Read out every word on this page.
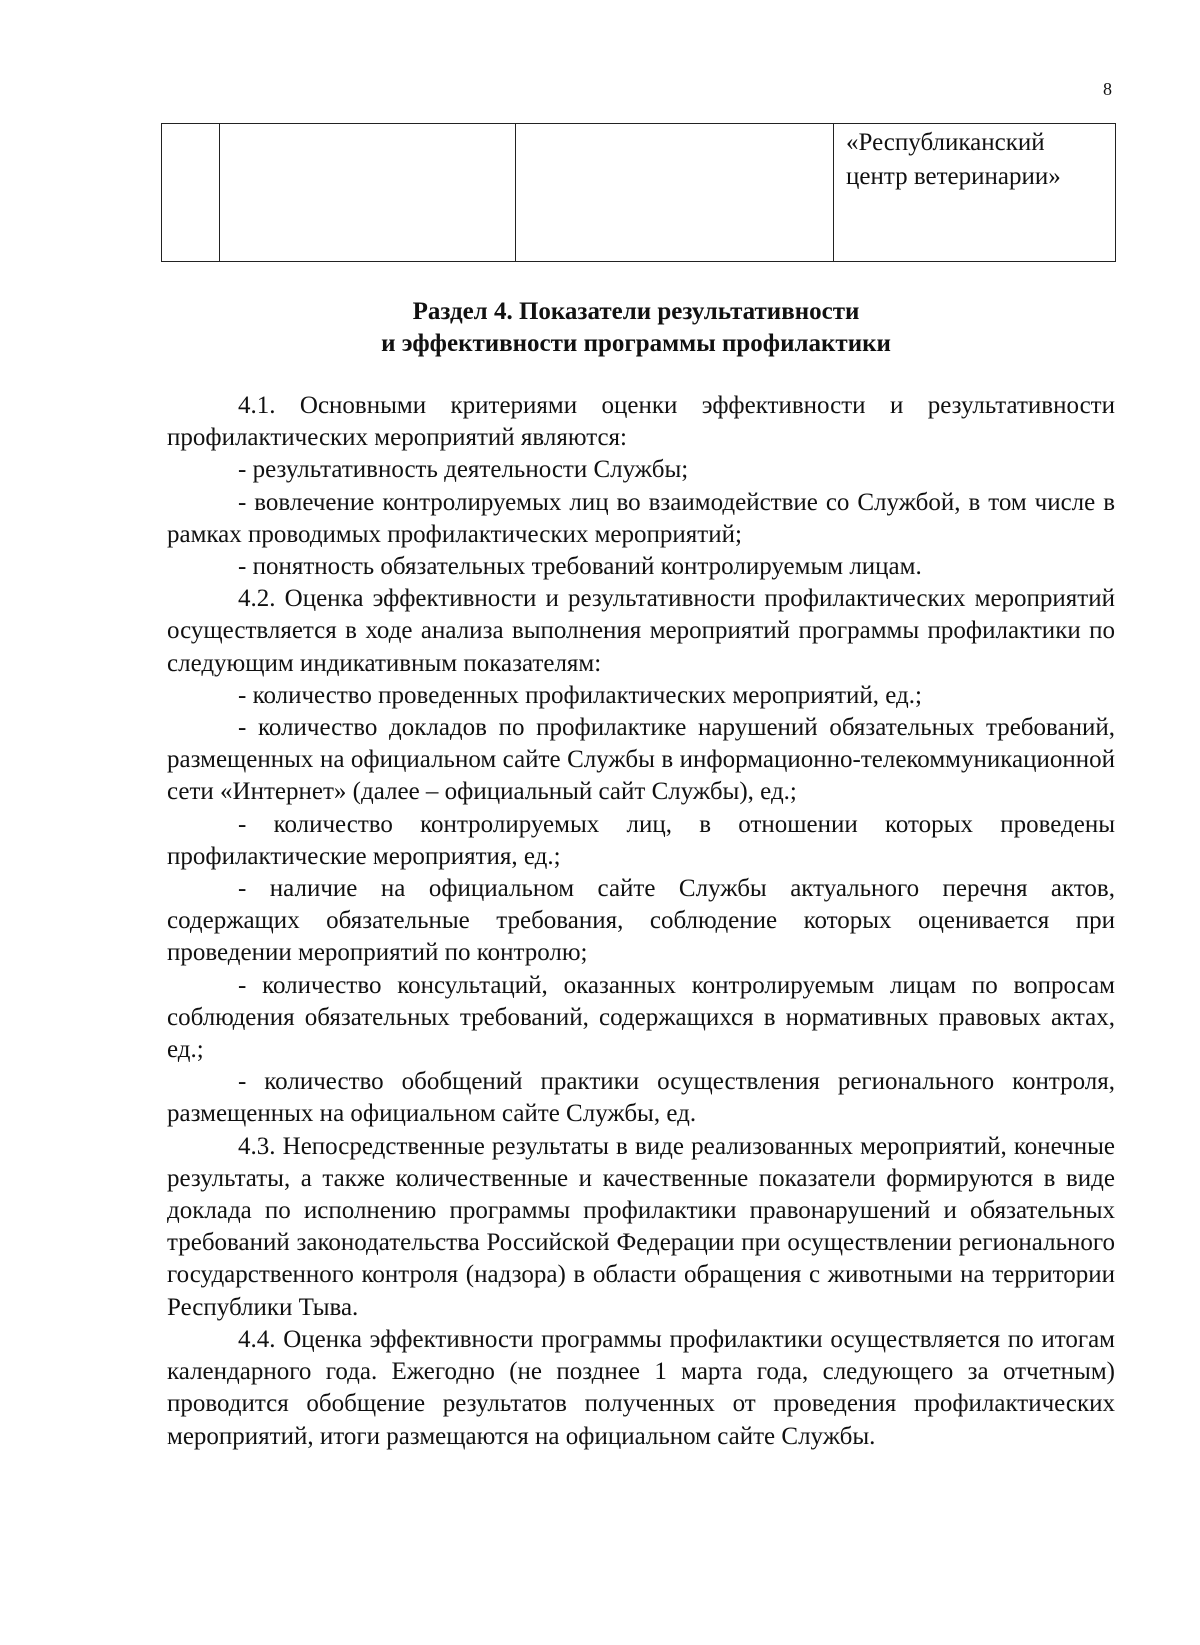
8

«Республиканский
центр ветеринарии»
Раздел 4. Показатели результативности
и эффективности программы профилактики

4.1. Основными критериями оценки эффективности и результативности профилактических мероприятий являются:

- результативность деятельности Службы;

- вовлечение контролируемых лиц во взаимодействие со Службой, в том числе в рамках проводимых профилактических мероприятий;

- понятность обязательных требований контролируемым лицам.

4.2. Оценка эффективности и результативности профилактических мероприятий осуществляется в ходе анализа выполнения мероприятий программы профилактики по следующим индикативным показателям:

- количество проведенных профилактических мероприятий, ед.;

- количество докладов по профилактике нарушений обязательных требований, размещенных на официальном сайте Службы в информационно-телекоммуникационной сети «Интернет» (далее – официальный сайт Службы), ед.;

- количество контролируемых лиц, в отношении которых проведены профилактические мероприятия, ед.;

- наличие на официальном сайте Службы актуального перечня актов, содержащих обязательные требования, соблюдение которых оценивается при проведении мероприятий по контролю;

- количество консультаций, оказанных контролируемым лицам по вопросам соблюдения обязательных требований, содержащихся в нормативных правовых актах, ед.;

- количество обобщений практики осуществления регионального контроля, размещенных на официальном сайте Службы, ед.

4.3. Непосредственные результаты в виде реализованных мероприятий, конечные результаты, а также количественные и качественные показатели формируются в виде доклада по исполнению программы профилактики правонарушений и обязательных требований законодательства Российской Федерации при осуществлении регионального государственного контроля (надзора) в области обращения с животными на территории Республики Тыва.

4.4. Оценка эффективности программы профилактики осуществляется по итогам календарного года. Ежегодно (не позднее 1 марта года, следующего за отчетным) проводится обобщение результатов полученных от проведения профилактических мероприятий, итоги размещаются на официальном сайте Службы.
